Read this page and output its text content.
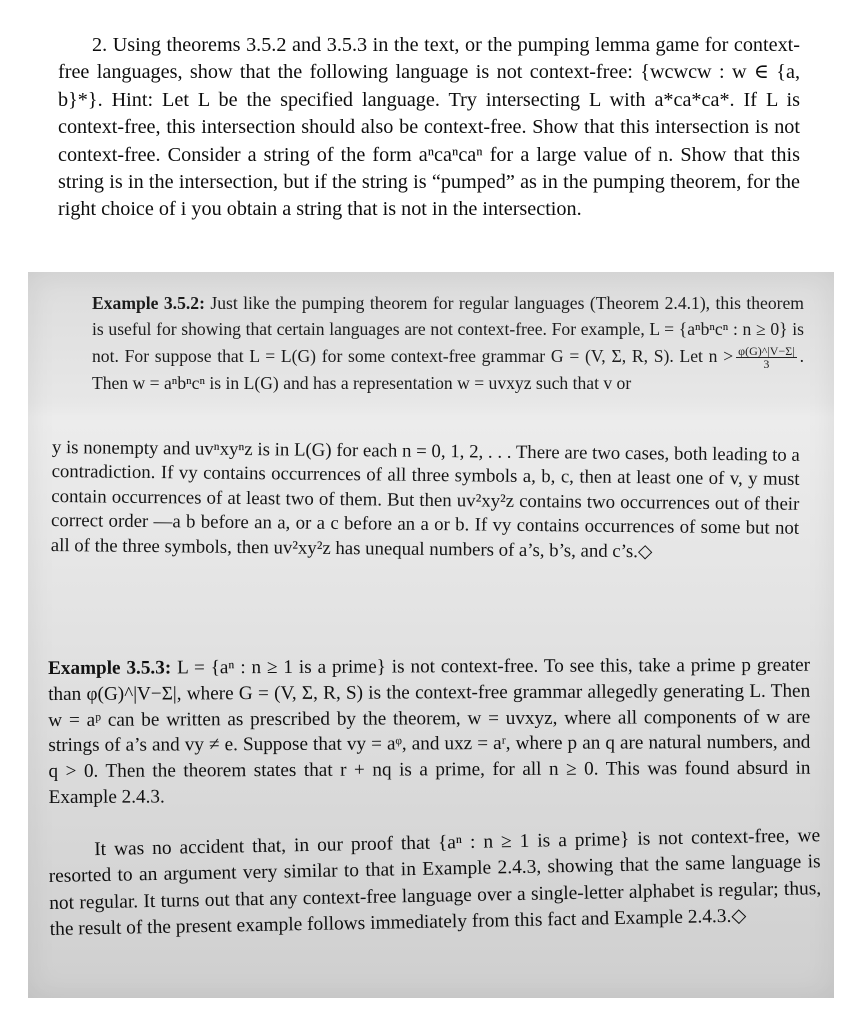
2. Using theorems 3.5.2 and 3.5.3 in the text, or the pumping lemma game for context-free languages, show that the following language is not context-free: {wcwcw : w ∈ {a, b}*}. Hint: Let L be the specified language. Try intersecting L with a*ca*ca*. If L is context-free, this intersection should also be context-free. Show that this intersection is not context-free. Consider a string of the form aⁿcaⁿcaⁿ for a large value of n. Show that this string is in the intersection, but if the string is “pumped” as in the pumping theorem, for the right choice of i you obtain a string that is not in the intersection.

Example 3.5.2: Just like the pumping theorem for regular languages (Theorem 2.4.1), this theorem is useful for showing that certain languages are not context-free. For example, L = {aⁿbⁿcⁿ : n ≥ 0} is not. For suppose that L = L(G) for some context-free grammar G = (V, Σ, R, S). Let $n > \frac{\varphi(G)\^{}|V-\Sigma|}{3}$ . Then w = aⁿbⁿcⁿ is in L(G) and has a representation w = uvxyz such that v or

y is nonempty and uvⁿxyⁿz is in L(G) for each n = 0, 1, 2, . . . There are two cases, both leading to a contradiction. If vy contains occurrences of all three symbols a, b, c, then at least one of v, y must contain occurrences of at least two of them. But then uv²xy²z contains two occurrences out of their correct order —a b before an a, or a c before an a or b. If vy contains occurrences of some but not all of the three symbols, then uv²xy²z has unequal numbers of a’s, b’s, and c’s.◇

Example 3.5.3: L = {aⁿ : n ≥ 1 is a prime} is not context-free. To see this, take a prime p greater than φ(G)^|V−Σ|, where G = (V, Σ, R, S) is the context-free grammar allegedly generating L. Then w = aᵖ can be written as prescribed by the theorem, w = uvxyz, where all components of w are strings of a’s and vy ≠ e. Suppose that vy = aᵠ, and uxz = aʳ, where p an q are natural numbers, and q > 0. Then the theorem states that r + nq is a prime, for all n ≥ 0. This was found absurd in Example 2.4.3.

It was no accident that, in our proof that {aⁿ : n ≥ 1 is a prime} is not context-free, we resorted to an argument very similar to that in Example 2.4.3, showing that the same language is not regular. It turns out that any context-free language over a single-letter alphabet is regular; thus, the result of the present example follows immediately from this fact and Example 2.4.3.◇
